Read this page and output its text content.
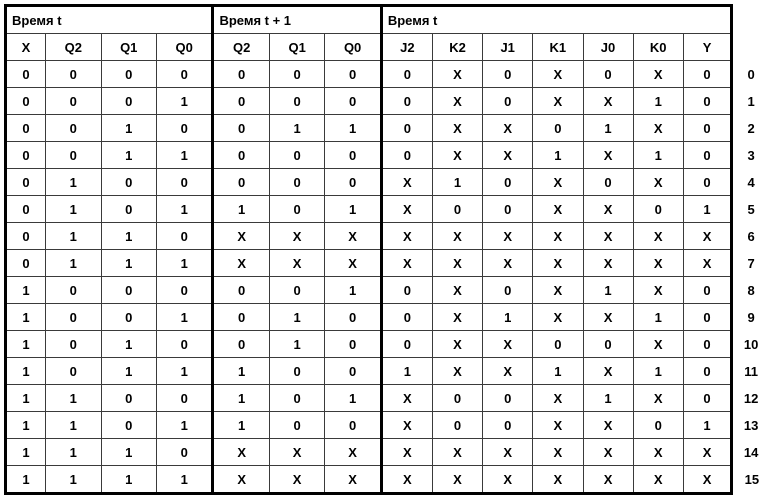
Время t				Время t + 1			Время t							
X	Q2	Q1	Q0	Q2	Q1	Q0	J2	K2	J1	K1	J0	K0	Y	
0	0	0	0	0	0	0	0	X	0	X	0	X	0	0
0	0	0	1	0	0	0	0	X	0	X	X	1	0	1
0	0	1	0	0	1	1	0	X	X	0	1	X	0	2
0	0	1	1	0	0	0	0	X	X	1	X	1	0	3
0	1	0	0	0	0	0	X	1	0	X	0	X	0	4
0	1	0	1	1	0	1	X	0	0	X	X	0	1	5
0	1	1	0	X	X	X	X	X	X	X	X	X	X	6
0	1	1	1	X	X	X	X	X	X	X	X	X	X	7
1	0	0	0	0	0	1	0	X	0	X	1	X	0	8
1	0	0	1	0	1	0	0	X	1	X	X	1	0	9
1	0	1	0	0	1	0	0	X	X	0	0	X	0	10
1	0	1	1	1	0	0	1	X	X	1	X	1	0	11
1	1	0	0	1	0	1	X	0	0	X	1	X	0	12
1	1	0	1	1	0	0	X	0	0	X	X	0	1	13
1	1	1	0	X	X	X	X	X	X	X	X	X	X	14
1	1	1	1	X	X	X	X	X	X	X	X	X	X	15
